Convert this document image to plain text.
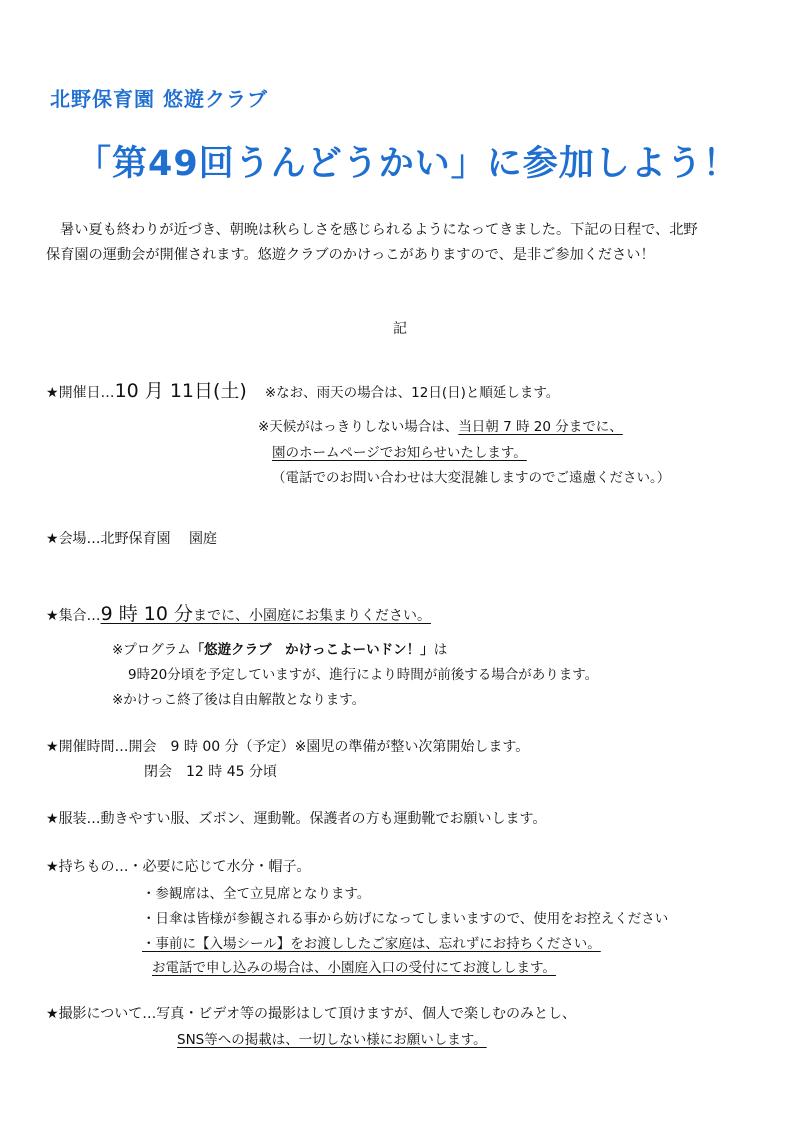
北野保育園 悠遊クラブ
「第49回うんどうかい」に参加しよう！

暑い夏も終わりが近づき、朝晩は秋らしさを感じられるようになってきました。下記の日程で、北野

保育園の運動会が開催されます。悠遊クラブのかけっこがありますので、是非ご参加ください！

記
★開催日…10 月 11日(土) ※なお、雨天の場合は、12日(日)と順延します。
※天候がはっきりしない場合は、当日朝 7 時 20 分までに、
園のホームページでお知らせいたします。
（電話でのお問い合わせは大変混雑しますのでご遠慮ください。）
★会場…北野保育園　 園庭
★集合…9 時 10 分までに、小園庭にお集まりください。
※プログラム「悠遊クラブ　かけっこよーいドン！」は
9時20分頃を予定していますが、進行により時間が前後する場合があります。
※かけっこ終了後は自由解散となります。
★開催時間…開会　9 時 00 分（予定）※園児の準備が整い次第開始します。
閉会　12 時 45 分頃
★服装…動きやすい服、ズボン、運動靴。保護者の方も運動靴でお願いします。
★持ちもの…・必要に応じて水分・帽子。
・参観席は、全て立見席となります。
・日傘は皆様が参観される事から妨げになってしまいますので、使用をお控えください
・事前に【入場シール】をお渡ししたご家庭は、忘れずにお持ちください。
お電話で申し込みの場合は、小園庭入口の受付にてお渡しします。
★撮影について…写真・ビデオ等の撮影はして頂けますが、個人で楽しむのみとし、
SNS等への掲載は、一切しない様にお願いします。
